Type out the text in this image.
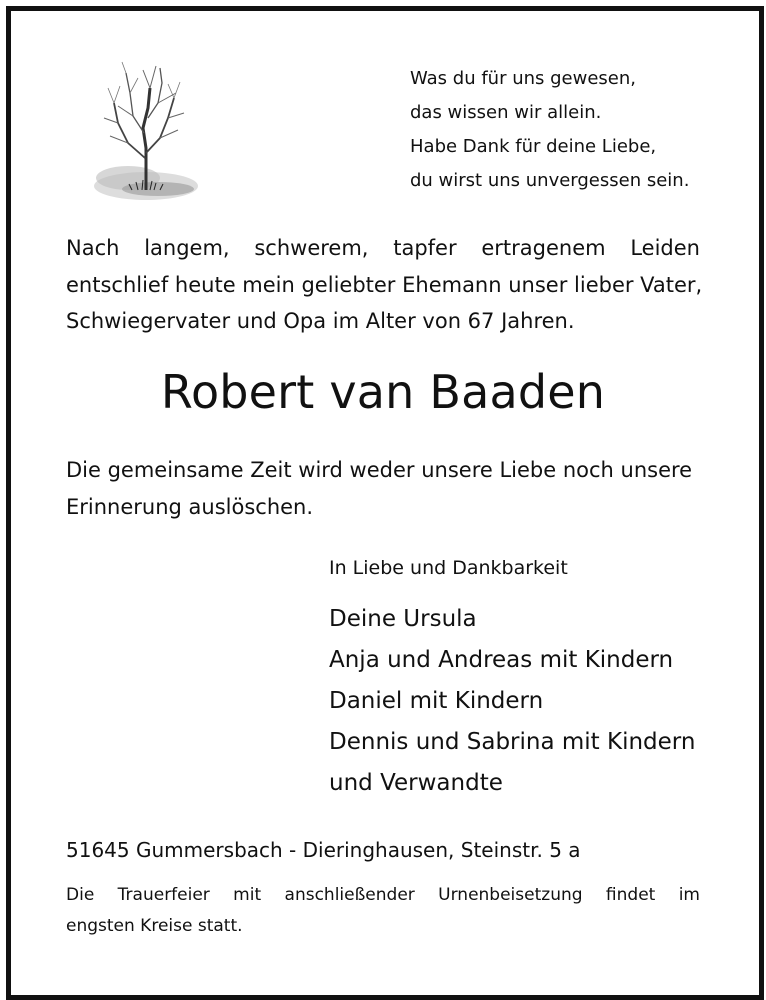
Was du für uns gewesen,
das wissen wir allein.
Habe Dank für deine Liebe,
du wirst uns unvergessen sein.
Nach langem, schwerem, tapfer ertragenem Leiden
entschlief heute mein geliebter Ehemann unser lieber Vater,
Schwiegervater und Opa im Alter von 67 Jahren.
Robert van Baaden
Die gemeinsame Zeit wird weder unsere Liebe noch unsere
Erinnerung auslöschen.
In Liebe und Dankbarkeit
Deine Ursula
Anja und Andreas mit Kindern
Daniel mit Kindern
Dennis und Sabrina mit Kindern
und Verwandte
51645 Gummersbach - Dieringhausen, Steinstr. 5 a
Die Trauerfeier mit anschließender Urnenbeisetzung findet im
engsten Kreise statt.
